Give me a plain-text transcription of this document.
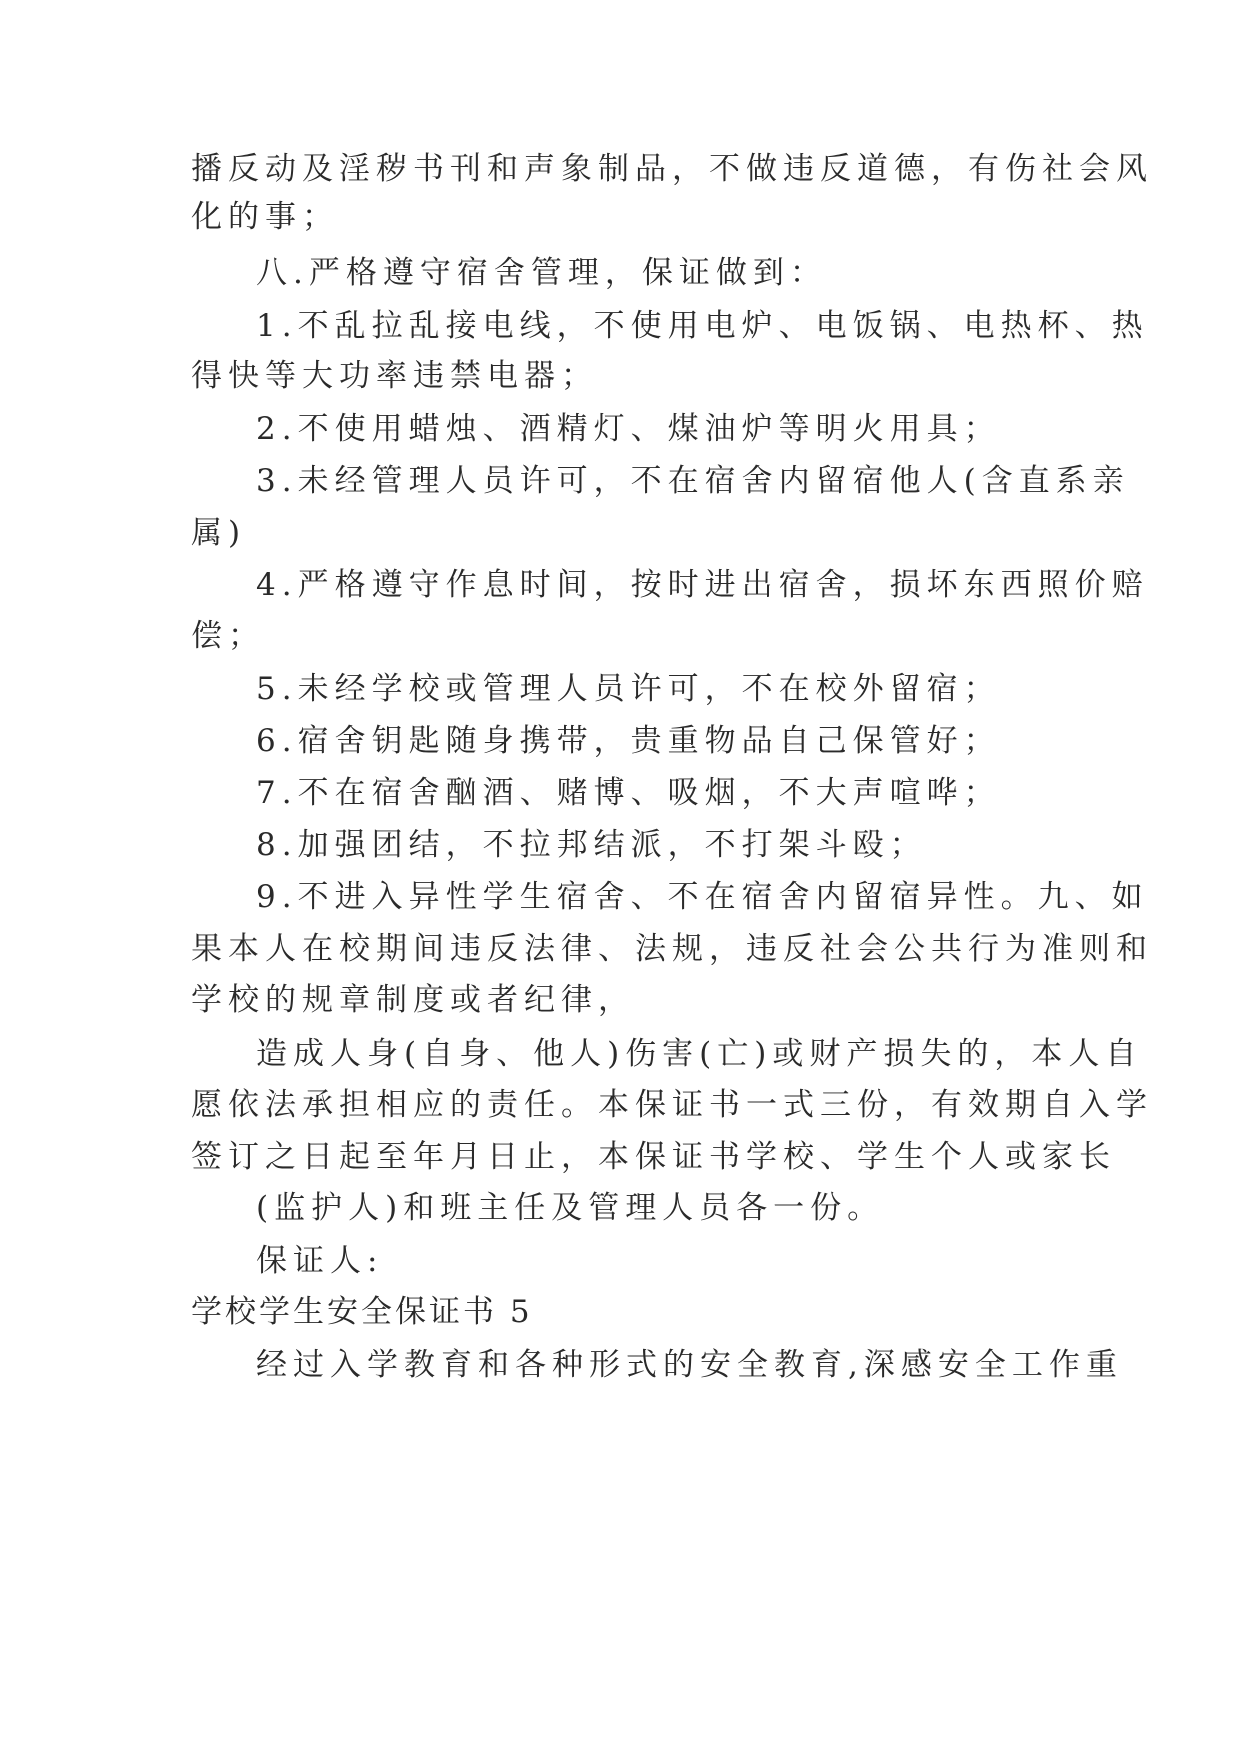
播反动及淫秽书刊和声象制品，不做违反道德，有伤社会风
化的事；
八.严格遵守宿舍管理，保证做到：
1.不乱拉乱接电线，不使用电炉、电饭锅、电热杯、热
得快等大功率违禁电器；
2.不使用蜡烛、酒精灯、煤油炉等明火用具；
3.未经管理人员许可，不在宿舍内留宿他人(含直系亲
属)
4.严格遵守作息时间，按时进出宿舍，损坏东西照价赔
偿；
5.未经学校或管理人员许可，不在校外留宿；
6.宿舍钥匙随身携带，贵重物品自己保管好；
7.不在宿舍酗酒、赌博、吸烟，不大声喧哗；
8.加强团结，不拉邦结派，不打架斗殴；
9.不进入异性学生宿舍、不在宿舍内留宿异性。九、如
果本人在校期间违反法律、法规，违反社会公共行为准则和
学校的规章制度或者纪律，
造成人身(自身、他人)伤害(亡)或财产损失的，本人自
愿依法承担相应的责任。本保证书一式三份，有效期自入学
签订之日起至年月日止，本保证书学校、学生个人或家长
(监护人)和班主任及管理人员各一份。
保证人:
学校学生安全保证书 5
经过入学教育和各种形式的安全教育,深感安全工作重
